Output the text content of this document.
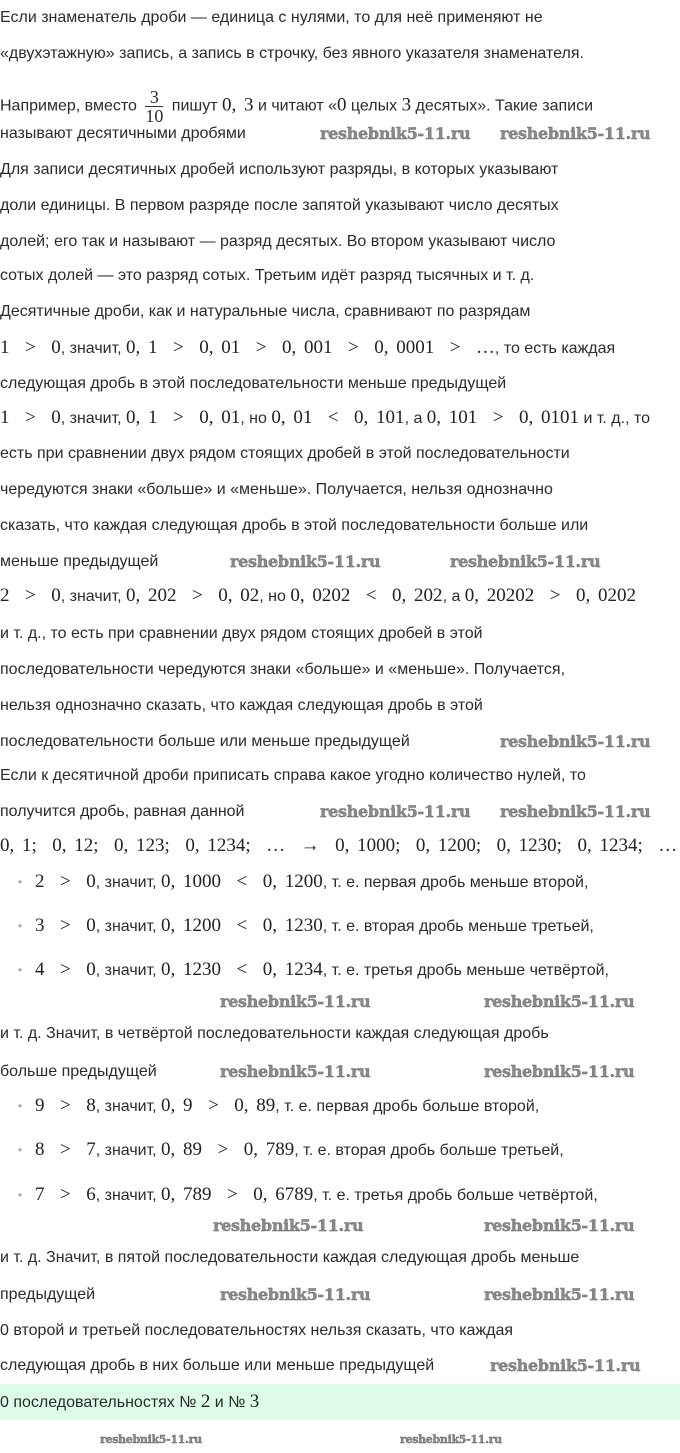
Если знаменатель дроби — единица с нулями, то для неё применяют не
«двухэтажную» запись, а запись в строчку, без явного указателя знаменателя.
Например, вместо $\frac{3}{10}$ пишут 0, 3 и читают «0 целых 3 десятых». Такие записи
называют десятичными дробями
Для записи десятичных дробей используют разряды, в которых указывают
доли единицы. В первом разряде после запятой указывают число десятых
долей; его так и называют — разряд десятых. Во втором указывают число
сотых долей — это разряд сотых. Третьим идёт разряд тысячных и т. д.
Десятичные дроби, как и натуральные числа, сравнивают по разрядам
1  >  0, значит, 0, 1  >  0, 01  >  0, 001  >  0, 0001  >  …, то есть каждая
следующая дробь в этой последовательности меньше предыдущей
1  >  0, значит, 0, 1  >  0, 01, но 0, 01  <  0, 101, а 0, 101  >  0, 0101 и т. д., то
есть при сравнении двух рядом стоящих дробей в этой последовательности
чередуются знаки «больше» и «меньше». Получается, нельзя однозначно
сказать, что каждая следующая дробь в этой последовательности больше или
меньше предыдущей
2  >  0, значит, 0, 202  >  0, 02, но 0, 0202  <  0, 202, а 0, 20202  >  0, 0202
и т. д., то есть при сравнении двух рядом стоящих дробей в этой
последовательности чередуются знаки «больше» и «меньше». Получается,
нельзя однозначно сказать, что каждая следующая дробь в этой
последовательности больше или меньше предыдущей
Если к десятичной дроби приписать справа какое угодно количество нулей, то
получится дробь, равная данной
0, 1;  0, 12;  0, 123;  0, 1234;  …  →  0, 1000;  0, 1200;  0, 1230;  0, 1234;  …
• 2  >  0, значит, 0, 1000  <  0, 1200, т. е. первая дробь меньше второй,
• 3  >  0, значит, 0, 1200  <  0, 1230, т. е. вторая дробь меньше третьей,
• 4  >  0, значит, 0, 1230  <  0, 1234, т. е. третья дробь меньше четвёртой,
и т. д. Значит, в четвёртой последовательности каждая следующая дробь
больше предыдущей
• 9  >  8, значит, 0, 9  >  0, 89, т. е. первая дробь больше второй,
• 8  >  7, значит, 0, 89  >  0, 789, т. е. вторая дробь больше третьей,
• 7  >  6, значит, 0, 789  >  0, 6789, т. е. третья дробь больше четвёртой,
и т. д. Значит, в пятой последовательности каждая следующая дробь меньше
предыдущей
0 второй и третьей последовательностях нельзя сказать, что каждая
следующая дробь в них больше или меньше предыдущей
0 последовательностях № 2 и № 3
reshebnik5-11.ru reshebnik5-11.ru
reshebnik5-11.ru	reshebnik5-11.ru
reshebnik5-11.ru
reshebnik5-11.ru reshebnik5-11.ru
reshebnik5-11.ru	reshebnik5-11.ru
reshebnik5-11.ru	reshebnik5-11.ru
reshebnik5-11.ru	reshebnik5-11.ru
reshebnik5-11.ru	reshebnik5-11.ru
reshebnik5-11.ru
reshebnik5-11.ru	reshebnik5-11.ru
